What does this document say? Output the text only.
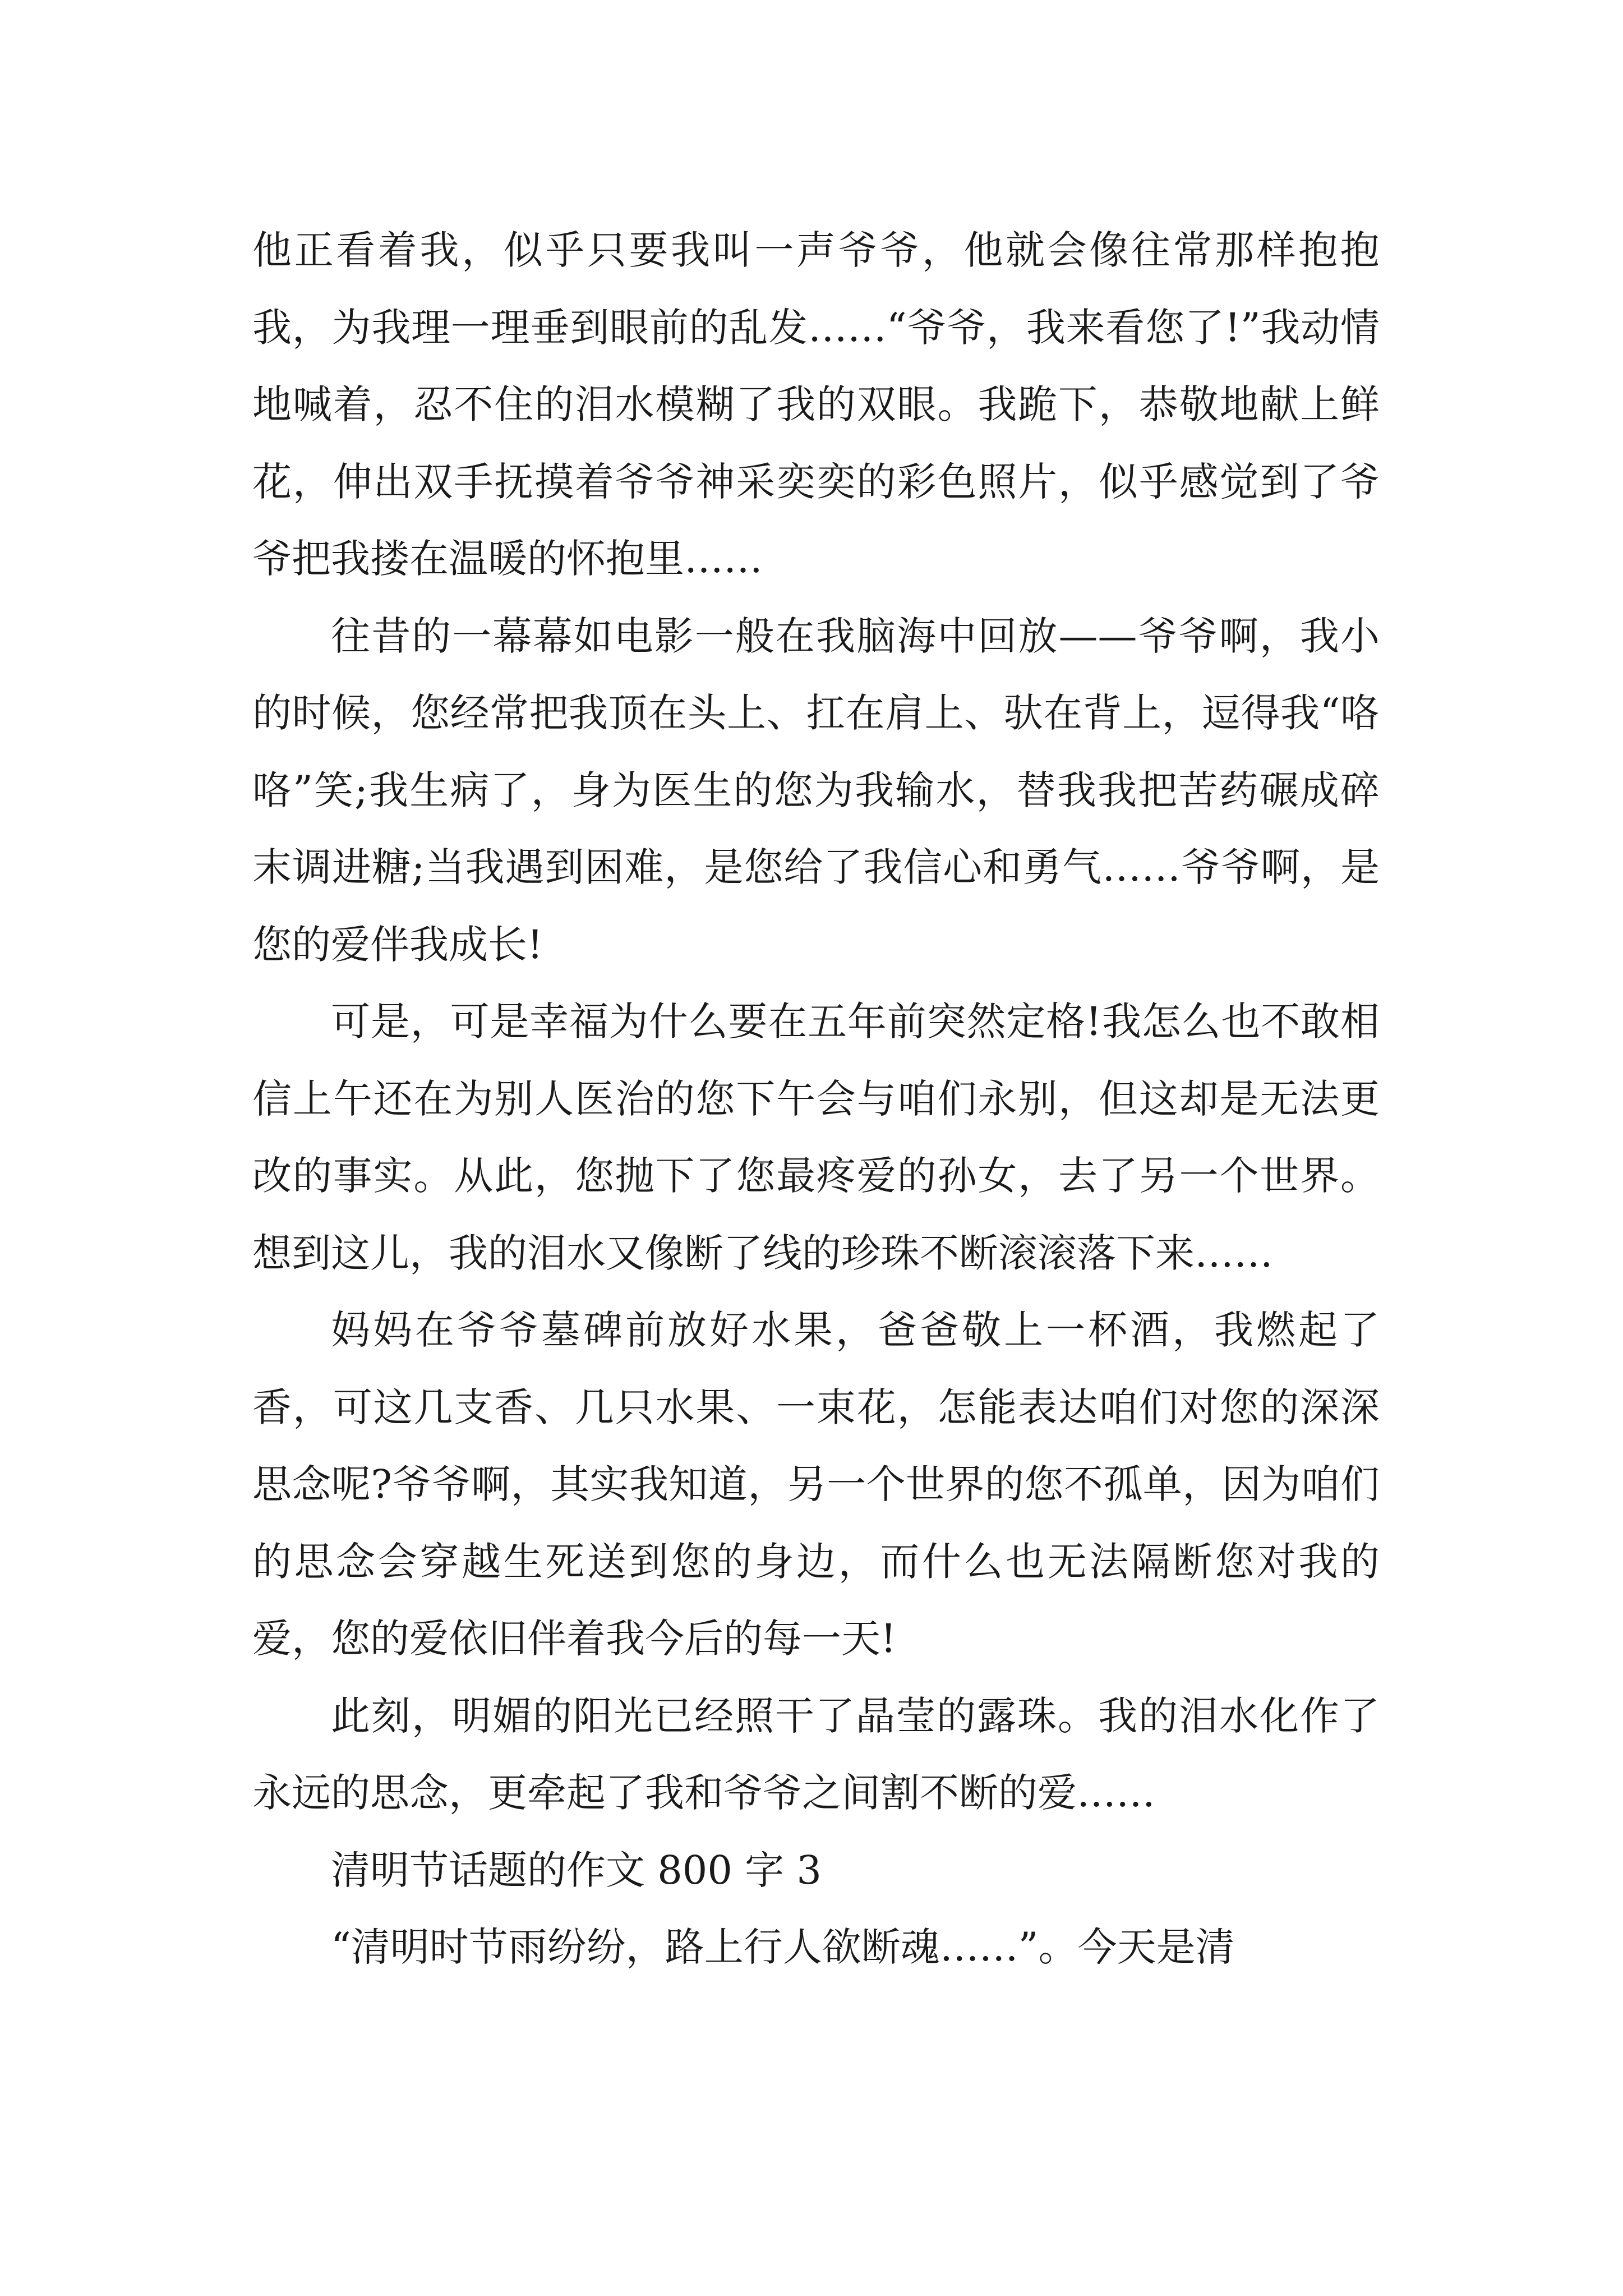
他正看着我，似乎只要我叫一声爷爷，他就会像往常那样抱抱我，为我理一理垂到眼前的乱发……“爷爷，我来看您了!”我动情地喊着，忍不住的泪水模糊了我的双眼。我跪下，恭敬地献上鲜花，伸出双手抚摸着爷爷神采奕奕的彩色照片，似乎感觉到了爷爷把我搂在温暖的怀抱里……

往昔的一幕幕如电影一般在我脑海中回放——爷爷啊，我小的时候，您经常把我顶在头上、扛在肩上、驮在背上，逗得我“咯咯”笑;我生病了，身为医生的您为我输水，替我我把苦药碾成碎末调进糖;当我遇到困难，是您给了我信心和勇气……爷爷啊，是您的爱伴我成长!

可是，可是幸福为什么要在五年前突然定格!我怎么也不敢相信上午还在为别人医治的您下午会与咱们永别，但这却是无法更改的事实。从此，您抛下了您最疼爱的孙女，去了另一个世界。想到这儿，我的泪水又像断了线的珍珠不断滚滚落下来……

妈妈在爷爷墓碑前放好水果，爸爸敬上一杯酒，我燃起了香，可这几支香、几只水果、一束花，怎能表达咱们对您的深深思念呢?爷爷啊，其实我知道，另一个世界的您不孤单，因为咱们的思念会穿越生死送到您的身边，而什么也无法隔断您对我的爱，您的爱依旧伴着我今后的每一天!

此刻，明媚的阳光已经照干了晶莹的露珠。我的泪水化作了永远的思念，更牵起了我和爷爷之间割不断的爱……

清明节话题的作文 800 字 3

“清明时节雨纷纷，路上行人欲断魂……”。今天是清
